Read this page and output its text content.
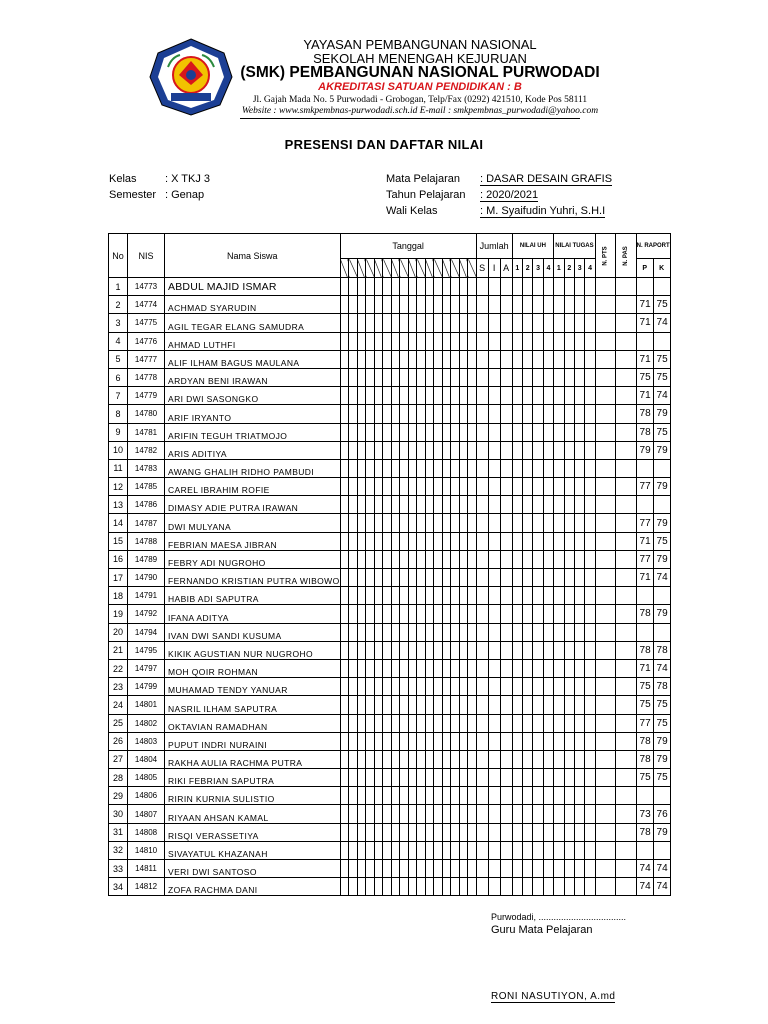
YAYASAN PEMBANGUNAN NASIONAL
SEKOLAH MENENGAH KEJURUAN
(SMK) PEMBANGUNAN NASIONAL PURWODADI
AKREDITASI SATUAN PENDIDIKAN : B
Jl. Gajah Mada No. 5 Purwodadi - Grobogan, Telp/Fax (0292) 421510, Kode Pos 58111
Website : www.smkpembnas-purwodadi.sch.id E-mail : smkpembnas_purwodadi@yahoo.com
PRESENSI DAN DAFTAR NILAI
Kelas	: X TKJ 3
Semester : Genap
Mata Pelajaran : DASAR DESAIN GRAFIS
Tahun Pelajaran : 2020/2021
Wali Kelas	: M. Syaifudin Yuhri, S.H.I
No	NIS	Nama Siswa	Tanggal																Jumlah			NILAI UH				NILAI TUGAS				N. PTS	N. PAS	N. RAPORT	
																			S	I	A	1	2	3	4	1	2	3	4			P	K
1	14773	ABDUL MAJID ISMAR																															
2	14774	ACHMAD SYARUDIN																														71	75
3	14775	AGIL TEGAR ELANG SAMUDRA																														71	74
4	14776	AHMAD LUTHFI																															
5	14777	ALIF ILHAM BAGUS MAULANA																														71	75
6	14778	ARDYAN BENI IRAWAN																														75	75
7	14779	ARI DWI SASONGKO																														71	74
8	14780	ARIF IRYANTO																														78	79
9	14781	ARIFIN TEGUH TRIATMOJO																														78	75
10	14782	ARIS ADITIYA																														79	79
11	14783	AWANG GHALIH RIDHO PAMBUDI																															
12	14785	CAREL IBRAHIM ROFIE																														77	79
13	14786	DIMASY ADIE PUTRA IRAWAN																															
14	14787	DWI MULYANA																														77	79
15	14788	FEBRIAN MAESA JIBRAN																														71	75
16	14789	FEBRY ADI NUGROHO																														77	79
17	14790	FERNANDO KRISTIAN PUTRA WIBOWO																														71	74
18	14791	HABIB ADI SAPUTRA																															
19	14792	IFANA ADITYA																														78	79
20	14794	IVAN DWI SANDI KUSUMA																															
21	14795	KIKIK AGUSTIAN NUR NUGROHO																														78	78
22	14797	MOH QOIR ROHMAN																														71	74
23	14799	MUHAMAD TENDY YANUAR																														75	78
24	14801	NASRIL ILHAM SAPUTRA																														75	75
25	14802	OKTAVIAN RAMADHAN																														77	75
26	14803	PUPUT INDRI NURAINI																														78	79
27	14804	RAKHA AULIA RACHMA PUTRA																														78	79
28	14805	RIKI FEBRIAN SAPUTRA																														75	75
29	14806	RIRIN KURNIA SULISTIO																															
30	14807	RIYAAN AHSAN KAMAL																														73	76
31	14808	RISQI VERASSETIYA																														78	79
32	14810	SIVAYATUL KHAZANAH																															
33	14811	VERI DWI SANTOSO																														74	74
34	14812	ZOFA RACHMA DANI																														74	74
Purwodadi, ...................................
Guru Mata Pelajaran
RONI NASUTIYON, A.md
